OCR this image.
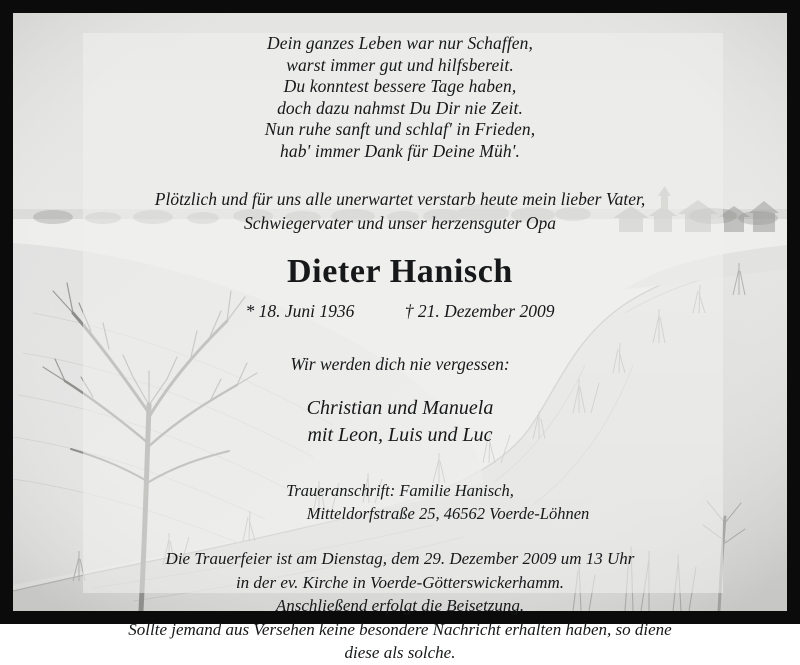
Dein ganzes Leben war nur Schaffen,
warst immer gut und hilfsbereit.
Du konntest bessere Tage haben,
doch dazu nahmst Du Dir nie Zeit.
Nun ruhe sanft und schlaf' in Frieden,
hab' immer Dank für Deine Müh'.
Plötzlich und für uns alle unerwartet verstarb heute mein lieber Vater,
Schwiegervater und unser herzensguter Opa
Dieter Hanisch
* 18. Juni 1936	† 21. Dezember 2009
Wir werden dich nie vergessen:
Christian und Manuela
mit Leon, Luis und Luc
Traueranschrift: Familie Hanisch,
Mitteldorfstraße 25, 46562 Voerde-Löhnen
Die Trauerfeier ist am Dienstag, dem 29. Dezember 2009 um 13 Uhr
in der ev. Kirche in Voerde-Götterswickerhamm.
Anschließend erfolgt die Beisetzung.
Sollte jemand aus Versehen keine besondere Nachricht erhalten haben, so diene
diese als solche.
